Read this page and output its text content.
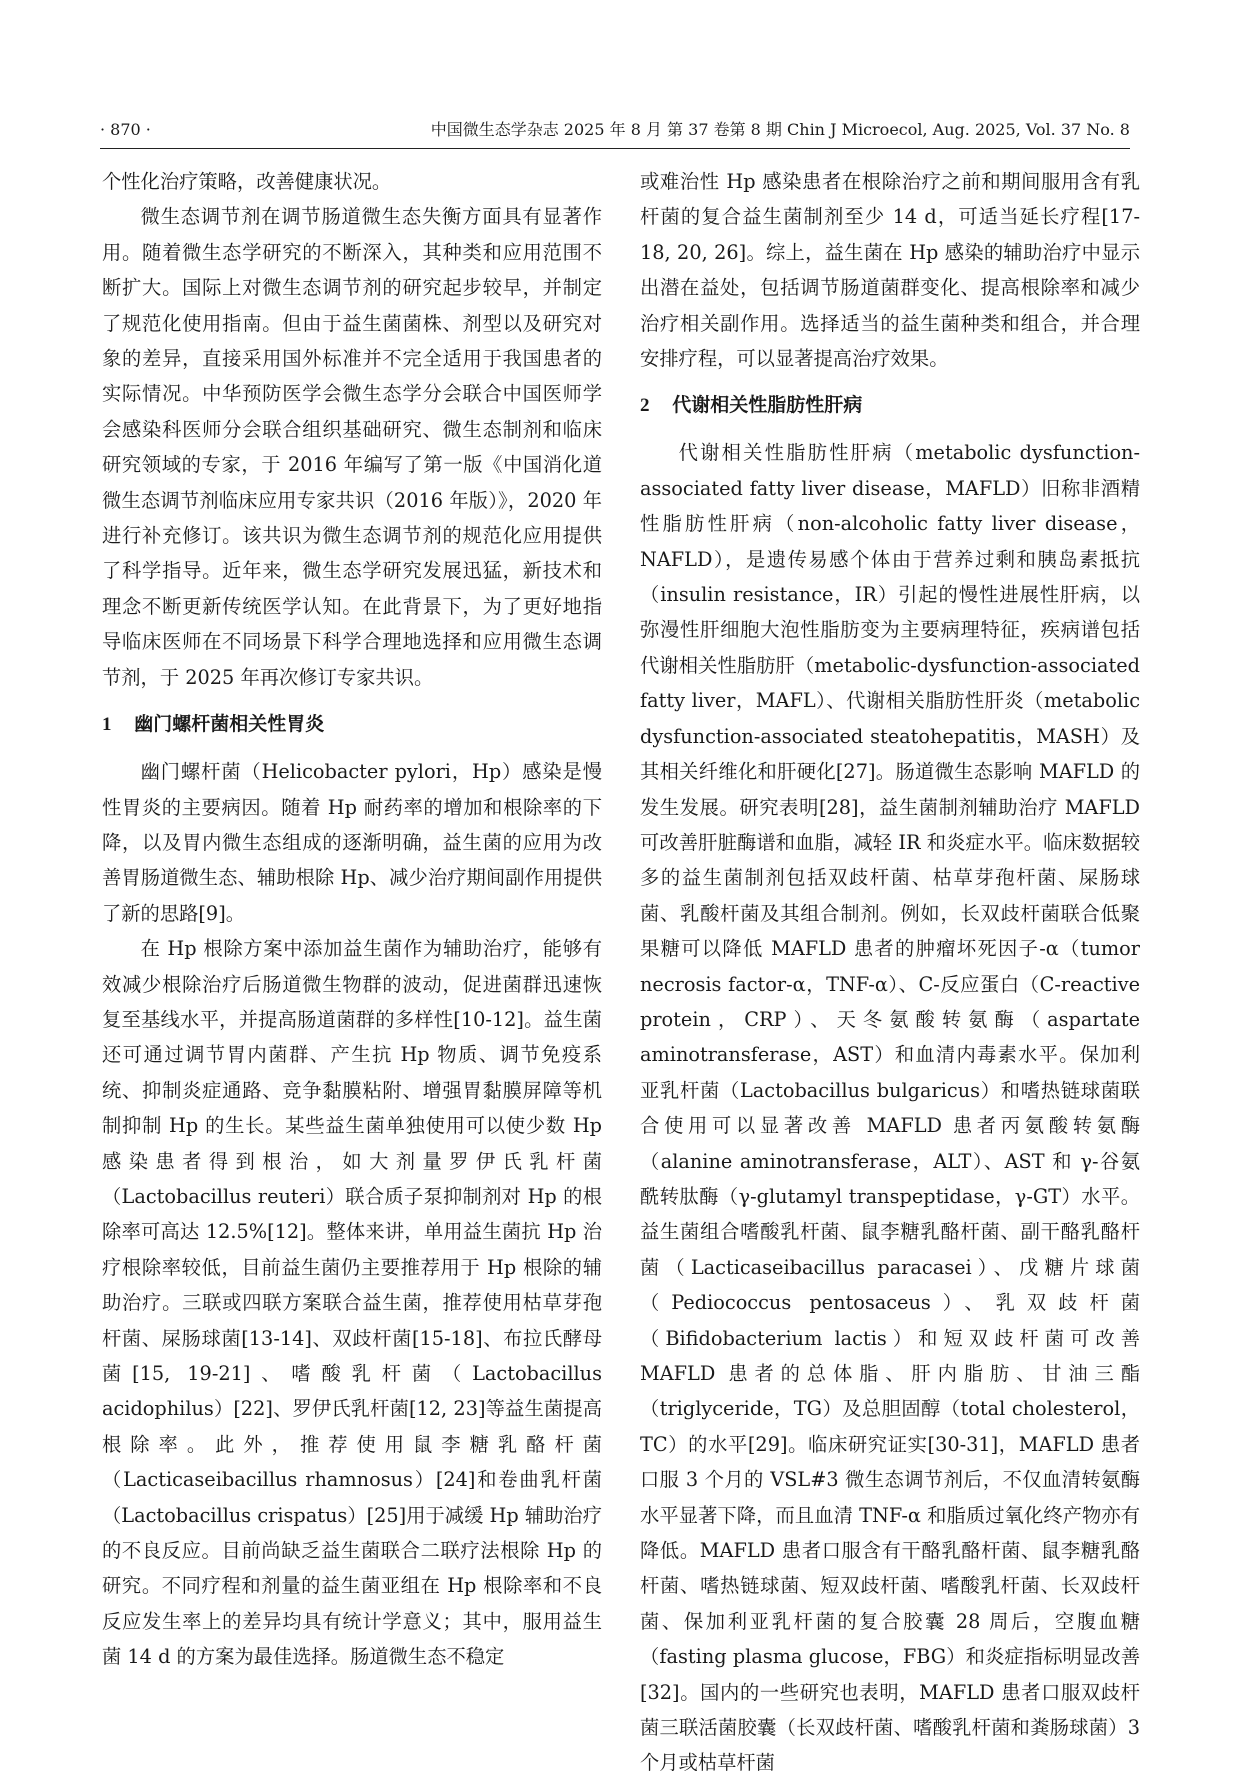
· 870 ·	中国微生态学杂志 2025 年 8 月 第 37 卷第 8 期 Chin J Microecol, Aug. 2025, Vol. 37 No. 8

个性化治疗策略，改善健康状况。

微生态调节剂在调节肠道微生态失衡方面具有显著作用。随着微生态学研究的不断深入，其种类和应用范围不断扩大。国际上对微生态调节剂的研究起步较早，并制定了规范化使用指南。但由于益生菌菌株、剂型以及研究对象的差异，直接采用国外标准并不完全适用于我国患者的实际情况。中华预防医学会微生态学分会联合中国医师学会感染科医师分会联合组织基础研究、微生态制剂和临床研究领域的专家，于 2016 年编写了第一版《中国消化道微生态调节剂临床应用专家共识（2016 年版）》，2020 年进行补充修订。该共识为微生态调节剂的规范化应用提供了科学指导。近年来，微生态学研究发展迅猛，新技术和理念不断更新传统医学认知。在此背景下，为了更好地指导临床医师在不同场景下科学合理地选择和应用微生态调节剂，于 2025 年再次修订专家共识。

1 幽门螺杆菌相关性胃炎

幽门螺杆菌（Helicobacter pylori，Hp）感染是慢性胃炎的主要病因。随着 Hp 耐药率的增加和根除率的下降，以及胃内微生态组成的逐渐明确，益生菌的应用为改善胃肠道微生态、辅助根除 Hp、减少治疗期间副作用提供了新的思路[9]。

在 Hp 根除方案中添加益生菌作为辅助治疗，能够有效减少根除治疗后肠道微生物群的波动，促进菌群迅速恢复至基线水平，并提高肠道菌群的多样性[10-12]。益生菌还可通过调节胃内菌群、产生抗 Hp 物质、调节免疫系统、抑制炎症通路、竞争黏膜粘附、增强胃黏膜屏障等机制抑制 Hp 的生长。某些益生菌单独使用可以使少数 Hp 感染患者得到根治，如大剂量罗伊氏乳杆菌（Lactobacillus reuteri）联合质子泵抑制剂对 Hp 的根除率可高达 12.5%[12]。整体来讲，单用益生菌抗 Hp 治疗根除率较低，目前益生菌仍主要推荐用于 Hp 根除的辅助治疗。三联或四联方案联合益生菌，推荐使用枯草芽孢杆菌、屎肠球菌[13-14]、双歧杆菌[15-18]、布拉氏酵母菌[15, 19-21]、嗜酸乳杆菌（Lactobacillus acidophilus）[22]、罗伊氏乳杆菌[12, 23]等益生菌提高根除率。此外，推荐使用鼠李糖乳酪杆菌（Lacticaseibacillus rhamnosus）[24]和卷曲乳杆菌（Lactobacillus crispatus）[25]用于减缓 Hp 辅助治疗的不良反应。目前尚缺乏益生菌联合二联疗法根除 Hp 的研究。不同疗程和剂量的益生菌亚组在 Hp 根除率和不良反应发生率上的差异均具有统计学意义；其中，服用益生菌 14 d 的方案为最佳选择。肠道微生态不稳定

或难治性 Hp 感染患者在根除治疗之前和期间服用含有乳杆菌的复合益生菌制剂至少 14 d，可适当延长疗程[17-18, 20, 26]。综上，益生菌在 Hp 感染的辅助治疗中显示出潜在益处，包括调节肠道菌群变化、提高根除率和减少治疗相关副作用。选择适当的益生菌种类和组合，并合理安排疗程，可以显著提高治疗效果。

2 代谢相关性脂肪性肝病

代谢相关性脂肪性肝病（metabolic dysfunction-associated fatty liver disease，MAFLD）旧称非酒精性脂肪性肝病（non-alcoholic fatty liver disease，NAFLD），是遗传易感个体由于营养过剩和胰岛素抵抗（insulin resistance，IR）引起的慢性进展性肝病，以弥漫性肝细胞大泡性脂肪变为主要病理特征，疾病谱包括代谢相关性脂肪肝（metabolic-dysfunction-associated fatty liver，MAFL）、代谢相关脂肪性肝炎（metabolic dysfunction-associated steatohepatitis，MASH）及其相关纤维化和肝硬化[27]。肠道微生态影响 MAFLD 的发生发展。研究表明[28]，益生菌制剂辅助治疗 MAFLD 可改善肝脏酶谱和血脂，减轻 IR 和炎症水平。临床数据较多的益生菌制剂包括双歧杆菌、枯草芽孢杆菌、屎肠球菌、乳酸杆菌及其组合制剂。例如，长双歧杆菌联合低聚果糖可以降低 MAFLD 患者的肿瘤坏死因子-α（tumor necrosis factor-α，TNF-α）、C-反应蛋白（C-reactive protein，CRP）、天冬氨酸转氨酶（aspartate aminotransferase，AST）和血清内毒素水平。保加利亚乳杆菌（Lactobacillus bulgaricus）和嗜热链球菌联合使用可以显著改善 MAFLD 患者丙氨酸转氨酶（alanine aminotransferase，ALT）、AST 和 γ-谷氨酰转肽酶（γ-glutamyl transpeptidase，γ-GT）水平。益生菌组合嗜酸乳杆菌、鼠李糖乳酪杆菌、副干酪乳酪杆菌（Lacticaseibacillus paracasei）、戊糖片球菌（Pediococcus pentosaceus）、乳双歧杆菌（Bifidobacterium lactis）和短双歧杆菌可改善 MAFLD 患者的总体脂、肝内脂肪、甘油三酯（triglyceride，TG）及总胆固醇（total cholesterol，TC）的水平[29]。临床研究证实[30-31]，MAFLD 患者口服 3 个月的 VSL#3 微生态调节剂后，不仅血清转氨酶水平显著下降，而且血清 TNF-α 和脂质过氧化终产物亦有降低。MAFLD 患者口服含有干酪乳酪杆菌、鼠李糖乳酪杆菌、嗜热链球菌、短双歧杆菌、嗜酸乳杆菌、长双歧杆菌、保加利亚乳杆菌的复合胶囊 28 周后，空腹血糖（fasting plasma glucose，FBG）和炎症指标明显改善[32]。国内的一些研究也表明，MAFLD 患者口服双歧杆菌三联活菌胶囊（长双歧杆菌、嗜酸乳杆菌和粪肠球菌）3 个月或枯草杆菌
